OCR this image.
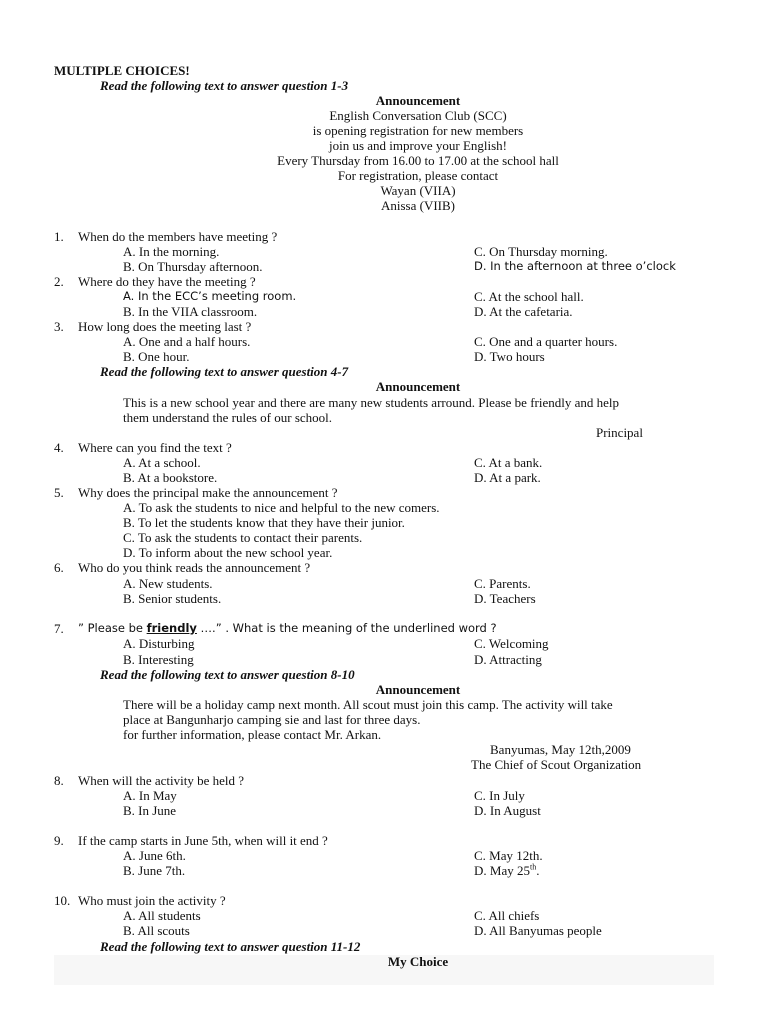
MULTIPLE CHOICES!
Read the following text to answer question 1-3
Announcement
English Conversation Club (SCC)
is opening registration for new members
join us and improve your English!
Every Thursday from 16.00 to 17.00 at the school hall
For registration, please contact
Wayan (VIIA)
Anissa (VIIB)
1. When do the members have meeting ?
A. In the morning.	C. On Thursday morning.
B. On Thursday afternoon.	D. In the afternoon at three o’clock
2. Where do they have the meeting ?
A. In the ECC’s meeting room.	C. At the school hall.
B. In the VIIA classroom.	D. At the cafetaria.
3. How long does the meeting last ?
A. One and a half hours.	C. One and a quarter hours.
B. One hour.	D. Two hours
Read the following text to answer question 4-7
Announcement
This is a new school year and there are many new students arround. Please be friendly and help
them understand the rules of our school.
Principal
4. Where can you find the text ?
A. At a school.	C. At a bank.
B. At a bookstore.	D. At a park.
5. Why does the principal make the announcement ?
A. To ask the students to nice and helpful to the new comers.
B. To let the students know that they have their junior.
C. To ask the students to contact their parents.
D. To inform about the new school year.
6. Who do you think reads the announcement ?
A. New students.	C. Parents.
B. Senior students.	D. Teachers
7. ” Please be friendly ….” . What is the meaning of the underlined word ?
A. Disturbing	C. Welcoming
B. Interesting	D. Attracting
Read the following text to answer question 8-10
Announcement
There will be a holiday camp next month. All scout must join this camp. The activity will take
place at Bangunharjo camping sie and last for three days.
for further information, please contact Mr. Arkan.
Banyumas, May 12th,2009
The Chief of Scout Organization
8. When will the activity be held ?
A. In May	C. In July
B. In June	D. In August
9. If the camp starts in June 5th, when will it end ?
A. June 6th.	C. May 12th.
B. June 7th.	D. May 25th.
10. Who must join the activity ?
A. All students	C. All chiefs
B. All scouts	D. All Banyumas people
Read the following text to answer question 11-12
My Choice
